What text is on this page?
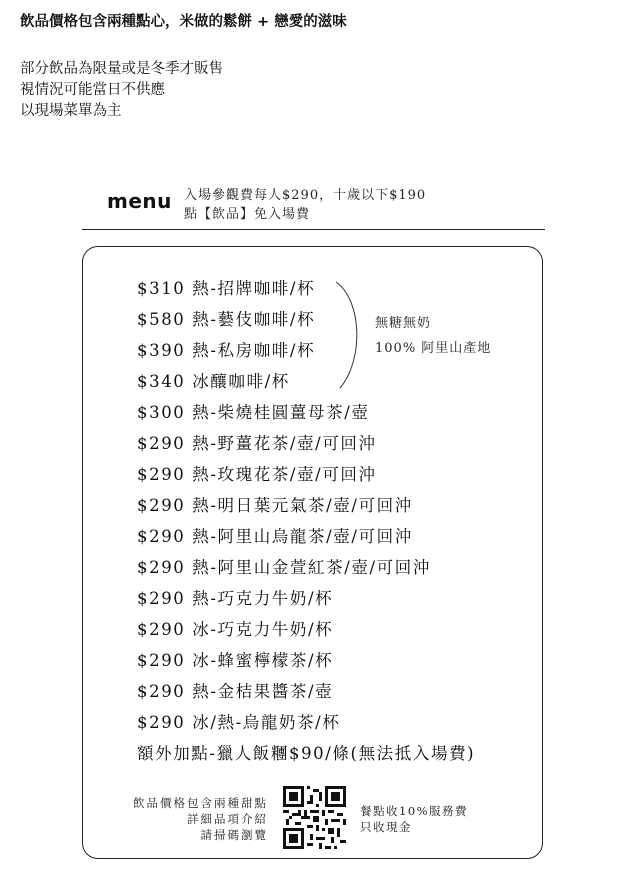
飲品價格包含兩種點心，米做的鬆餅 + 戀愛的滋味

部分飲品為限量或是冬季才販售

視情況可能當日不供應

以現場菜單為主

menu 入場參觀費每人$290，十歲以下$190
點【飲品】免入場費
$310 熱-招牌咖啡/杯
$580 熱-藝伎咖啡/杯
$390 熱-私房咖啡/杯
$340 冰釀咖啡/杯
$300 熱-柴燒桂圓薑母茶/壺
$290 熱-野薑花茶/壺/可回沖
$290 熱-玫瑰花茶/壺/可回沖
$290 熱-明日葉元氣茶/壺/可回沖
$290 熱-阿里山烏龍茶/壺/可回沖
$290 熱-阿里山金萱紅茶/壺/可回沖
$290 熱-巧克力牛奶/杯
$290 冰-巧克力牛奶/杯
$290 冰-蜂蜜檸檬茶/杯
$290 熱-金桔果醬茶/壺
$290 冰/熱-烏龍奶茶/杯
額外加點-獵人飯糰$90/條(無法抵入場費)
無糖無奶
100% 阿里山產地
飲品價格包含兩種甜點
詳細品項介紹
請掃碼瀏覽
餐點收10%服務費
只收現金
